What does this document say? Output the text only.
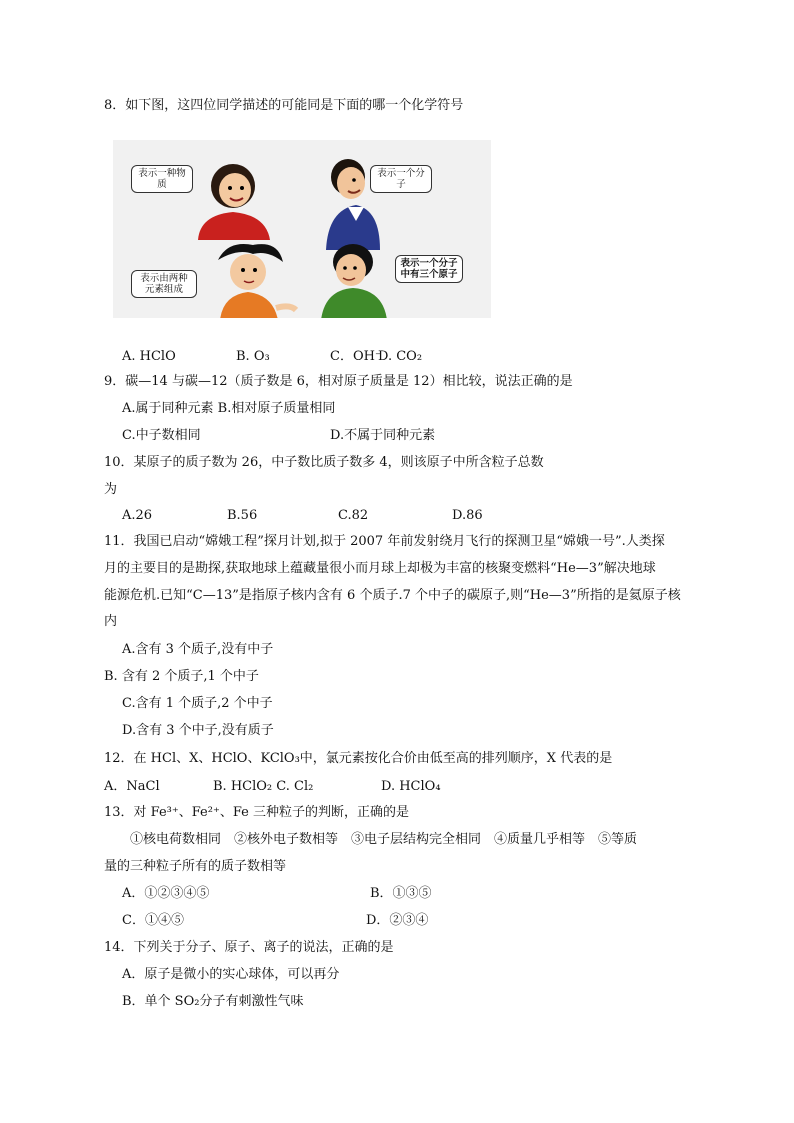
8．如下图，这四位同学描述的可能同是下面的哪一个化学符号
表示一种物质
表示一个分子
表示由两种元素组成
表示一个分子中有三个原子
A. HClO	B. O₃	C．OH⁻
D. CO₂
9．碳—14 与碳—12（质子数是 6，相对原子质量是 12）相比较，说法正确的是
A.属于同种元素 B.相对原子质量相同
C.中子数相同	D.不属于同种元素
10．某原子的质子数为 26，中子数比质子数多 4，则该原子中所含粒子总数
为
A.26	B.56	C.82	D.86
11．我国已启动“嫦娥工程”探月计划,拟于 2007 年前发射绕月飞行的探测卫星“嫦娥一号”.人类探
月的主要目的是勘探,获取地球上蕴藏量很小而月球上却极为丰富的核聚变燃料“He—3”解决地球
能源危机.已知“C—13”是指原子核内含有 6 个质子.7 个中子的碳原子,则“He—3”所指的是氦原子核
内
A.含有 3 个质子,没有中子
B. 含有 2 个质子,1 个中子
C.含有 1 个质子,2 个中子
D.含有 3 个中子,没有质子
12．在 HCl、X、HClO、KClO₃中，氯元素按化合价由低至高的排列顺序，X 代表的是
A．NaCl	B. HClO₂ C. Cl₂	D. HClO₄
13．对 Fe³⁺、Fe²⁺、Fe 三种粒子的判断，正确的是
①核电荷数相同　②核外电子数相等　③电子层结构完全相同　④质量几乎相等　⑤等质
量的三种粒子所有的质子数相等
A．①②③④⑤	B．①③⑤
C．①④⑤	D．②③④
14．下列关于分子、原子、离子的说法，正确的是
A．原子是微小的实心球体，可以再分
B．单个 SO₂分子有刺激性气味
